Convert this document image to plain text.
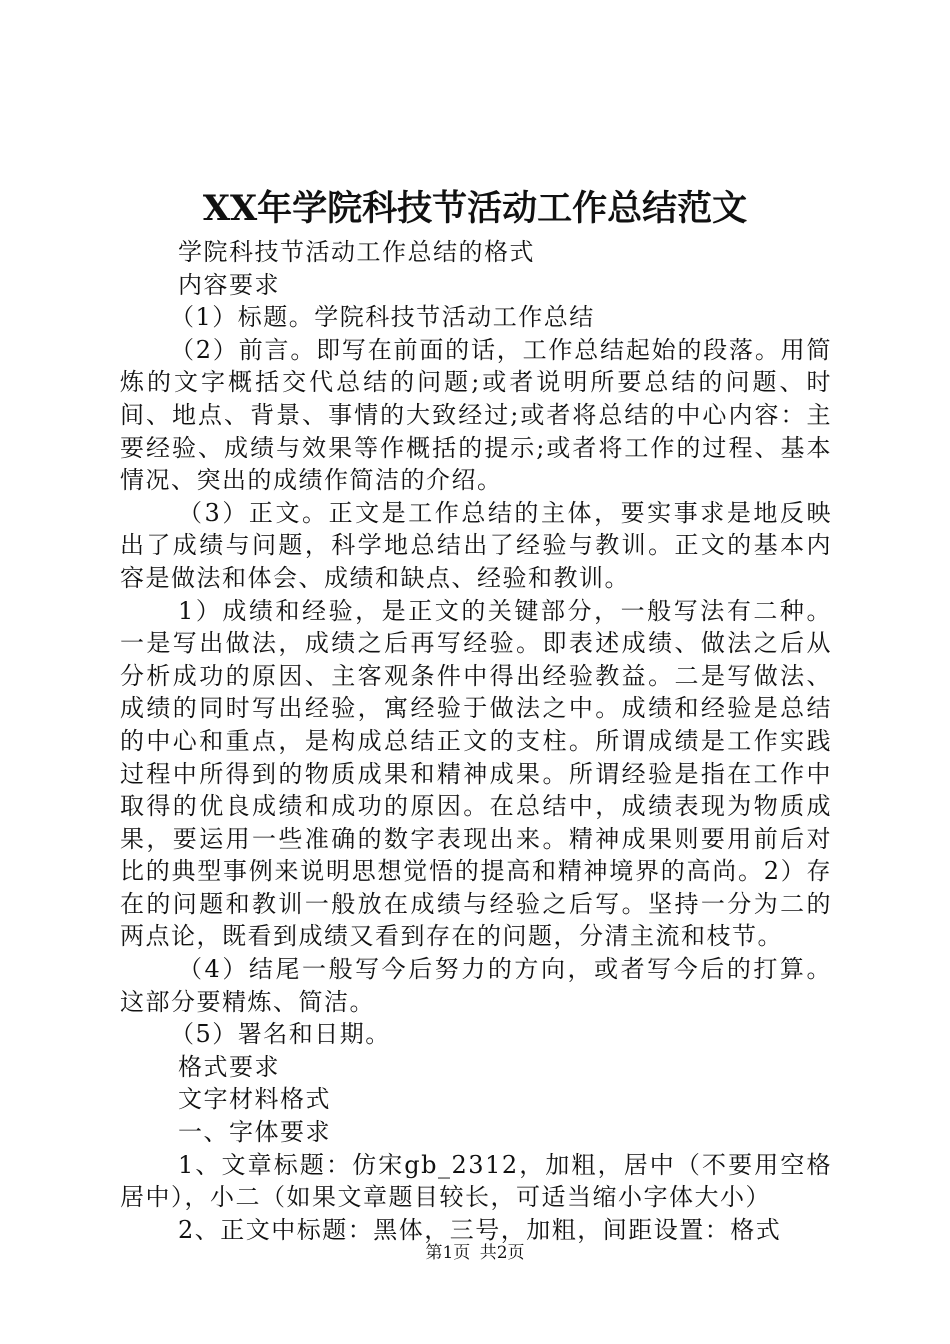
XX年学院科技节活动工作总结范文

学院科技节活动工作总结的格式

内容要求

（1）标题。学院科技节活动工作总结

（2）前言。即写在前面的话，工作总结起始的段落。用简炼的文字概括交代总结的问题;或者说明所要总结的问题、时间、地点、背景、事情的大致经过;或者将总结的中心内容：主要经验、成绩与效果等作概括的提示;或者将工作的过程、基本情况、突出的成绩作简洁的介绍。

（3）正文。正文是工作总结的主体，要实事求是地反映出了成绩与问题，科学地总结出了经验与教训。正文的基本内容是做法和体会、成绩和缺点、经验和教训。

1）成绩和经验，是正文的关键部分，一般写法有二种。一是写出做法，成绩之后再写经验。即表述成绩、做法之后从分析成功的原因、主客观条件中得出经验教益。二是写做法、成绩的同时写出经验，寓经验于做法之中。成绩和经验是总结的中心和重点，是构成总结正文的支柱。所谓成绩是工作实践过程中所得到的物质成果和精神成果。所谓经验是指在工作中取得的优良成绩和成功的原因。在总结中，成绩表现为物质成果，要运用一些准确的数字表现出来。精神成果则要用前后对比的典型事例来说明思想觉悟的提高和精神境界的高尚。2）存在的问题和教训一般放在成绩与经验之后写。坚持一分为二的两点论，既看到成绩又看到存在的问题，分清主流和枝节。

（4）结尾一般写今后努力的方向，或者写今后的打算。这部分要精炼、简洁。

（5）署名和日期。

格式要求

文字材料格式

一、字体要求

1、文章标题：仿宋gb_2312，加粗，居中（不要用空格居中），小二（如果文章题目较长，可适当缩小字体大小）

2、正文中标题：黑体，三号，加粗，间距设置：格式

第1页 共2页
